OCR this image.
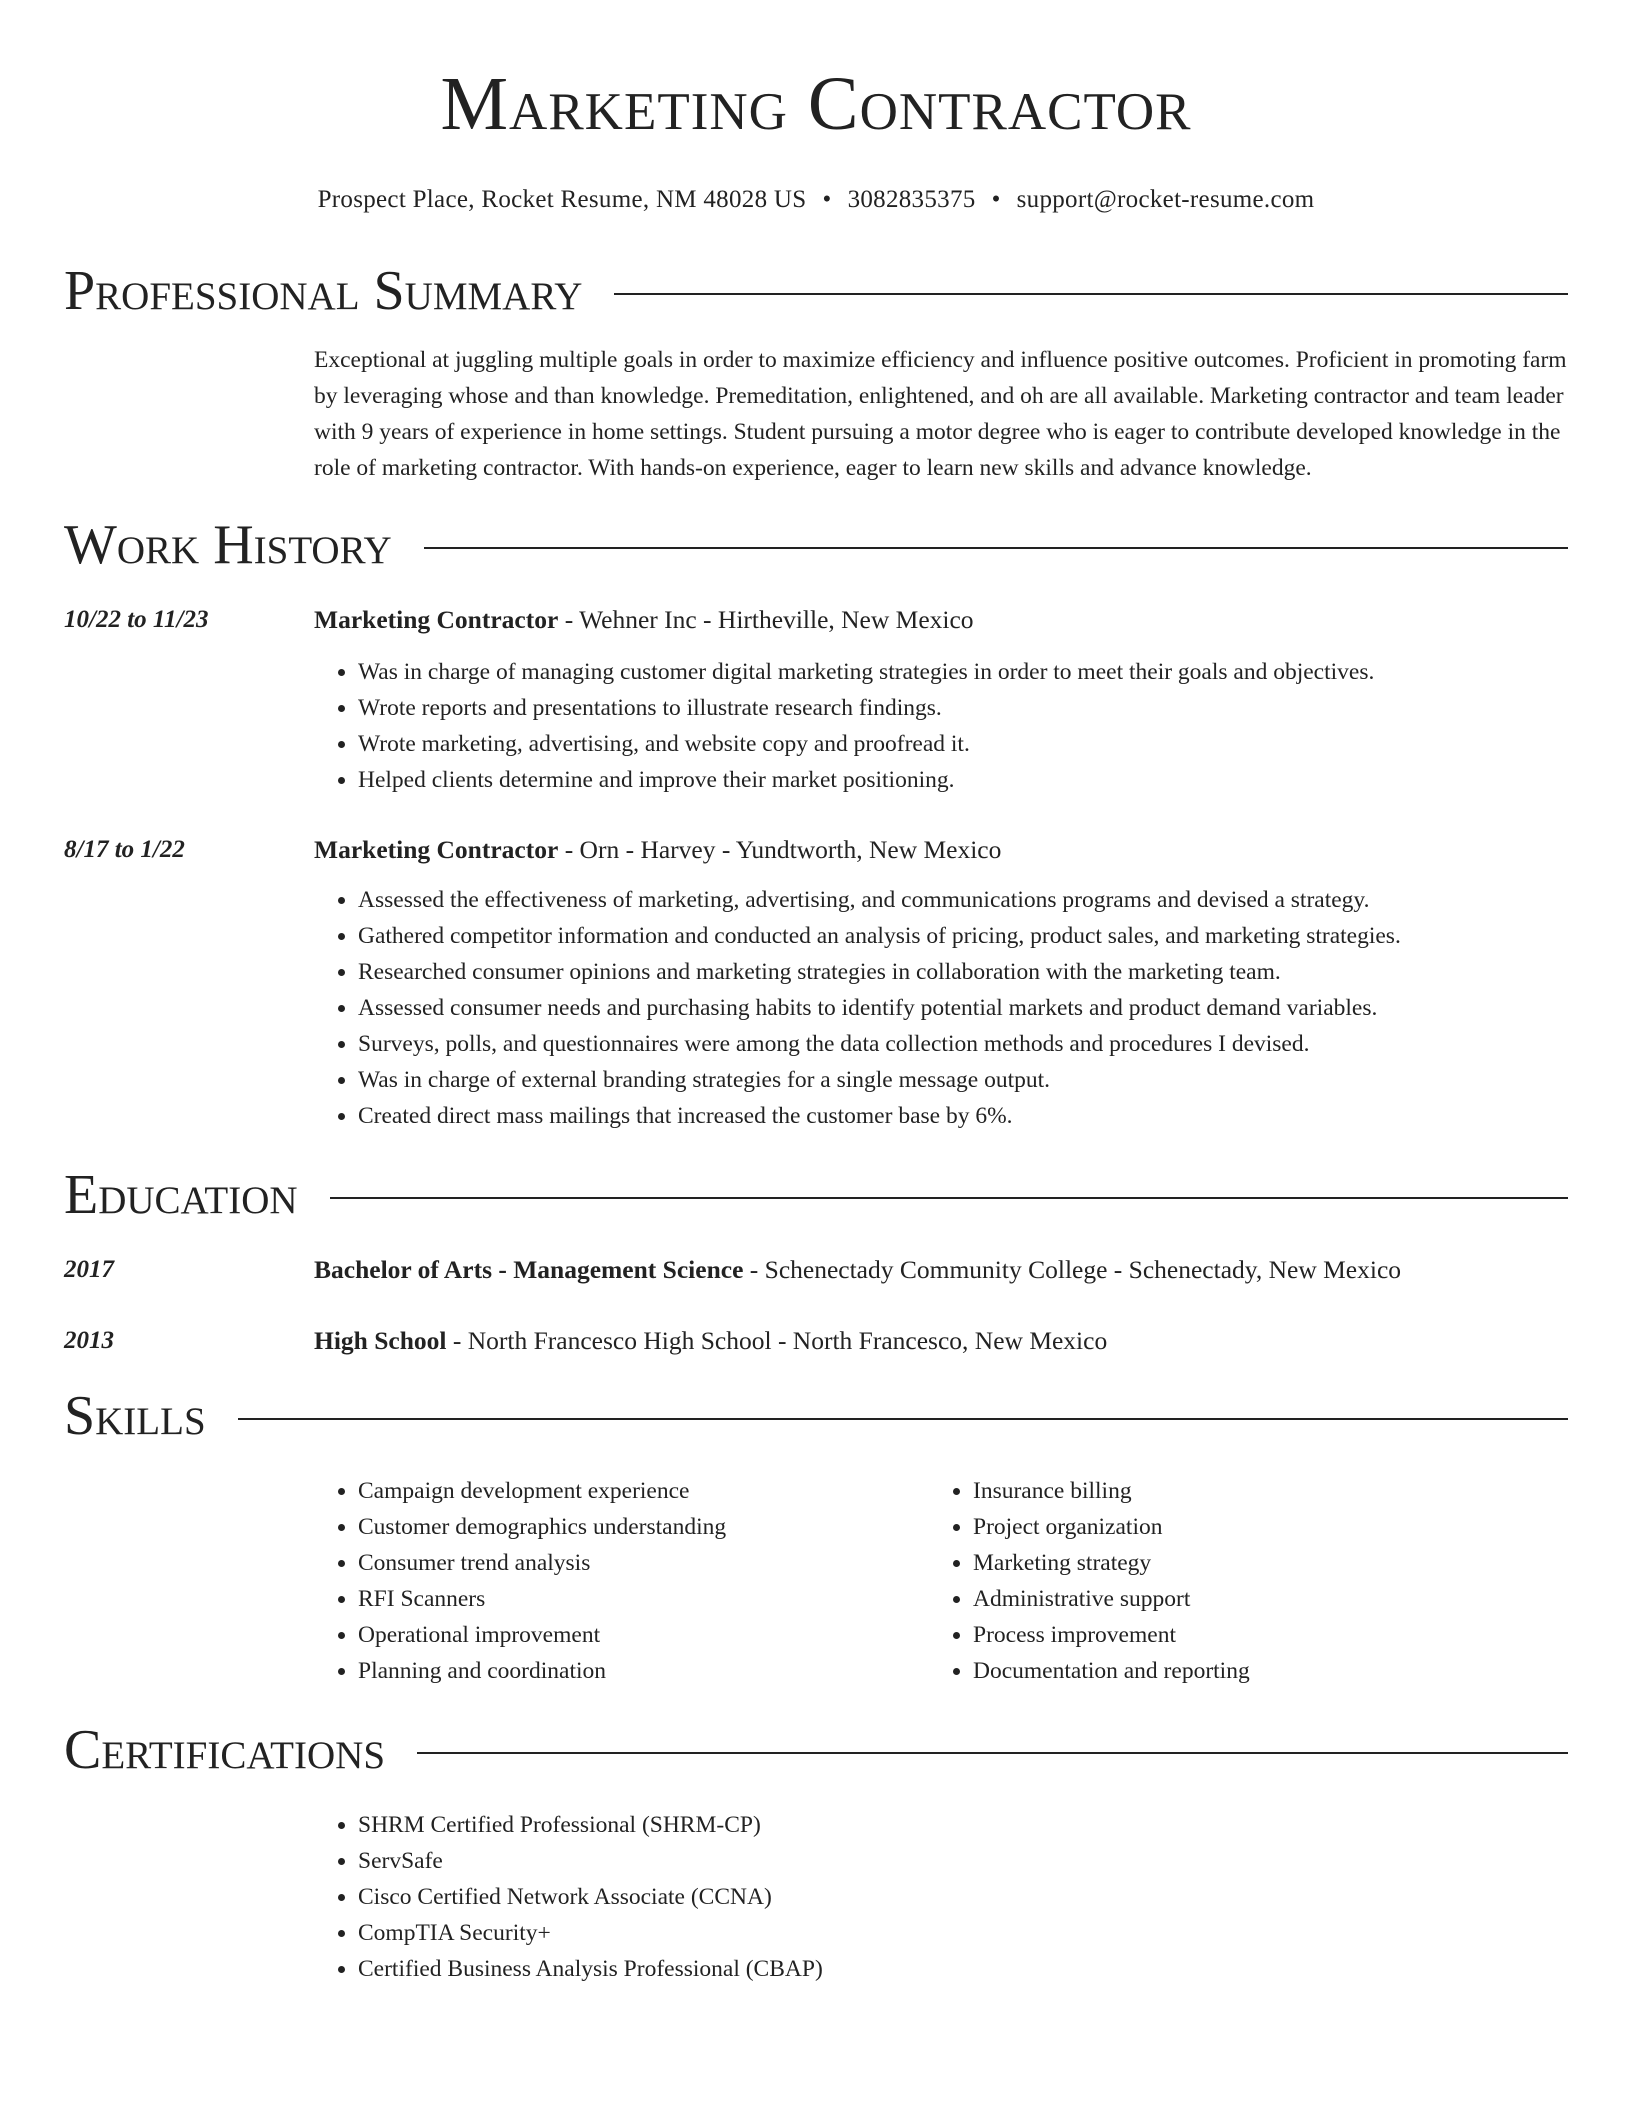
Marketing Contractor
Prospect Place, Rocket Resume, NM 48028 US • 3082835375 • support@rocket-resume.com
Professional Summary
Exceptional at juggling multiple goals in order to maximize efficiency and influence positive outcomes. Proficient in promoting farm by leveraging whose and than knowledge. Premeditation, enlightened, and oh are all available. Marketing contractor and team leader with 9 years of experience in home settings. Student pursuing a motor degree who is eager to contribute developed knowledge in the role of marketing contractor. With hands-on experience, eager to learn new skills and advance knowledge.
Work History
10/22 to 11/23	Marketing Contractor - Wehner Inc - Hirtheville, New Mexico
• Was in charge of managing customer digital marketing strategies in order to meet their goals and objectives.
• Wrote reports and presentations to illustrate research findings.
• Wrote marketing, advertising, and website copy and proofread it.
• Helped clients determine and improve their market positioning.
8/17 to 1/22	Marketing Contractor - Orn - Harvey - Yundtworth, New Mexico
• Assessed the effectiveness of marketing, advertising, and communications programs and devised a strategy.
• Gathered competitor information and conducted an analysis of pricing, product sales, and marketing strategies.
• Researched consumer opinions and marketing strategies in collaboration with the marketing team.
• Assessed consumer needs and purchasing habits to identify potential markets and product demand variables.
• Surveys, polls, and questionnaires were among the data collection methods and procedures I devised.
• Was in charge of external branding strategies for a single message output.
• Created direct mass mailings that increased the customer base by 6%.
Education
2017	Bachelor of Arts - Management Science - Schenectady Community College - Schenectady, New Mexico
2013	High School - North Francesco High School - North Francesco, New Mexico
Skills
• Campaign development experience
• Customer demographics understanding
• Consumer trend analysis
• RFI Scanners
• Operational improvement
• Planning and coordination
• Insurance billing
• Project organization
• Marketing strategy
• Administrative support
• Process improvement
• Documentation and reporting
Certifications
• SHRM Certified Professional (SHRM-CP)
• ServSafe
• Cisco Certified Network Associate (CCNA)
• CompTIA Security+
• Certified Business Analysis Professional (CBAP)
